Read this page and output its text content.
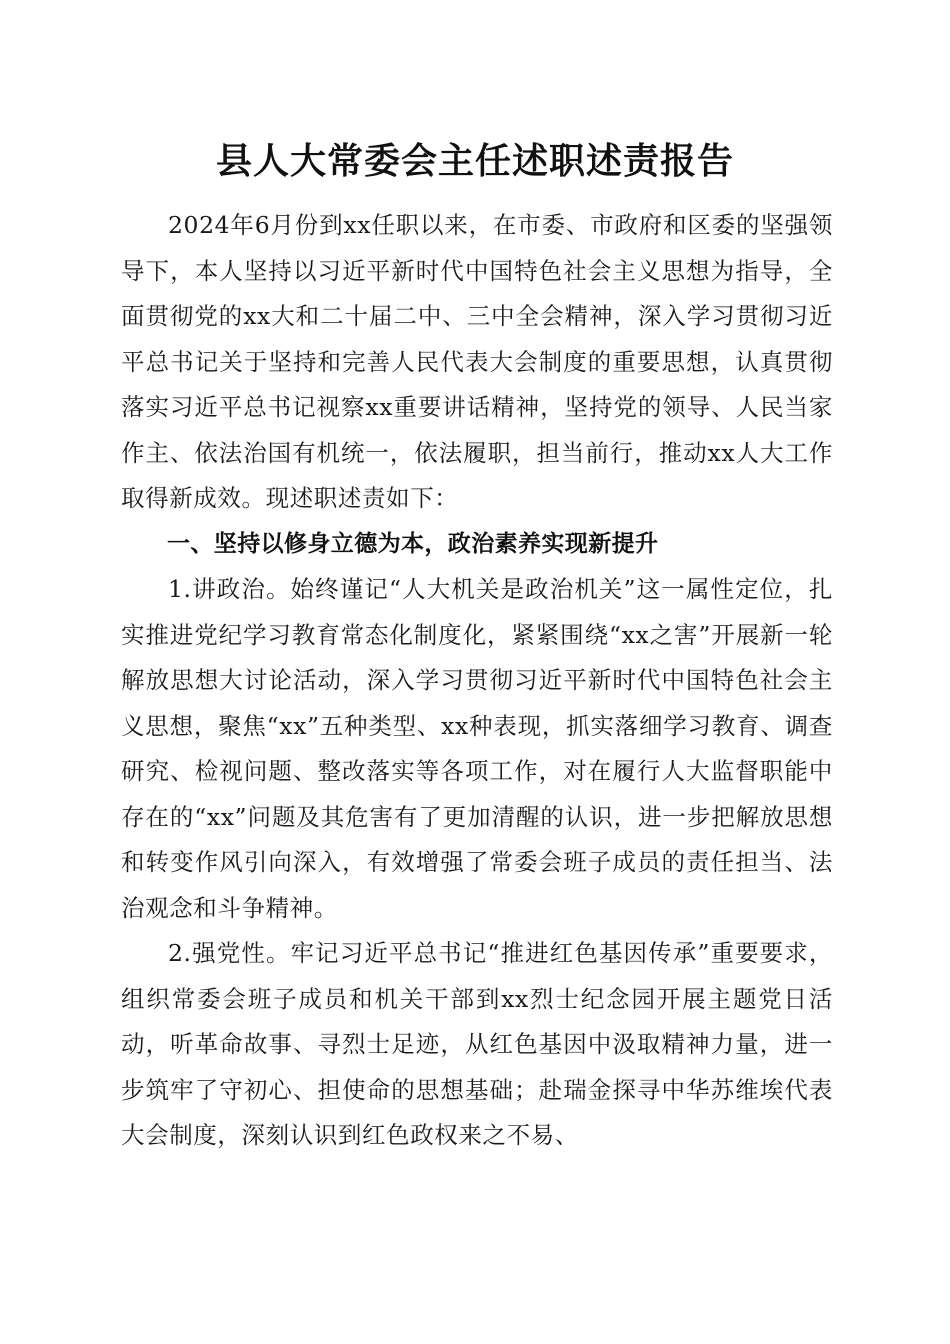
县人大常委会主任述职述责报告

2024年6月份到xx任职以来，在市委、市政府和区委的坚强领导下，本人坚持以习近平新时代中国特色社会主义思想为指导，全面贯彻党的xx大和二十届二中、三中全会精神，深入学习贯彻习近平总书记关于坚持和完善人民代表大会制度的重要思想，认真贯彻落实习近平总书记视察xx重要讲话精神，坚持党的领导、人民当家作主、依法治国有机统一，依法履职，担当前行，推动xx人大工作取得新成效。现述职述责如下：

一、坚持以修身立德为本，政治素养实现新提升

1.讲政治。始终谨记“人大机关是政治机关”这一属性定位，扎实推进党纪学习教育常态化制度化，紧紧围绕“xx之害”开展新一轮解放思想大讨论活动，深入学习贯彻习近平新时代中国特色社会主义思想，聚焦“xx”五种类型、xx种表现，抓实落细学习教育、调查研究、检视问题、整改落实等各项工作，对在履行人大监督职能中存在的“xx”问题及其危害有了更加清醒的认识，进一步把解放思想和转变作风引向深入，有效增强了常委会班子成员的责任担当、法治观念和斗争精神。

2.强党性。牢记习近平总书记“推进红色基因传承”重要要求，组织常委会班子成员和机关干部到xx烈士纪念园开展主题党日活动，听革命故事、寻烈士足迹，从红色基因中汲取精神力量，进一步筑牢了守初心、担使命的思想基础；赴瑞金探寻中华苏维埃代表大会制度，深刻认识到红色政权来之不易、
